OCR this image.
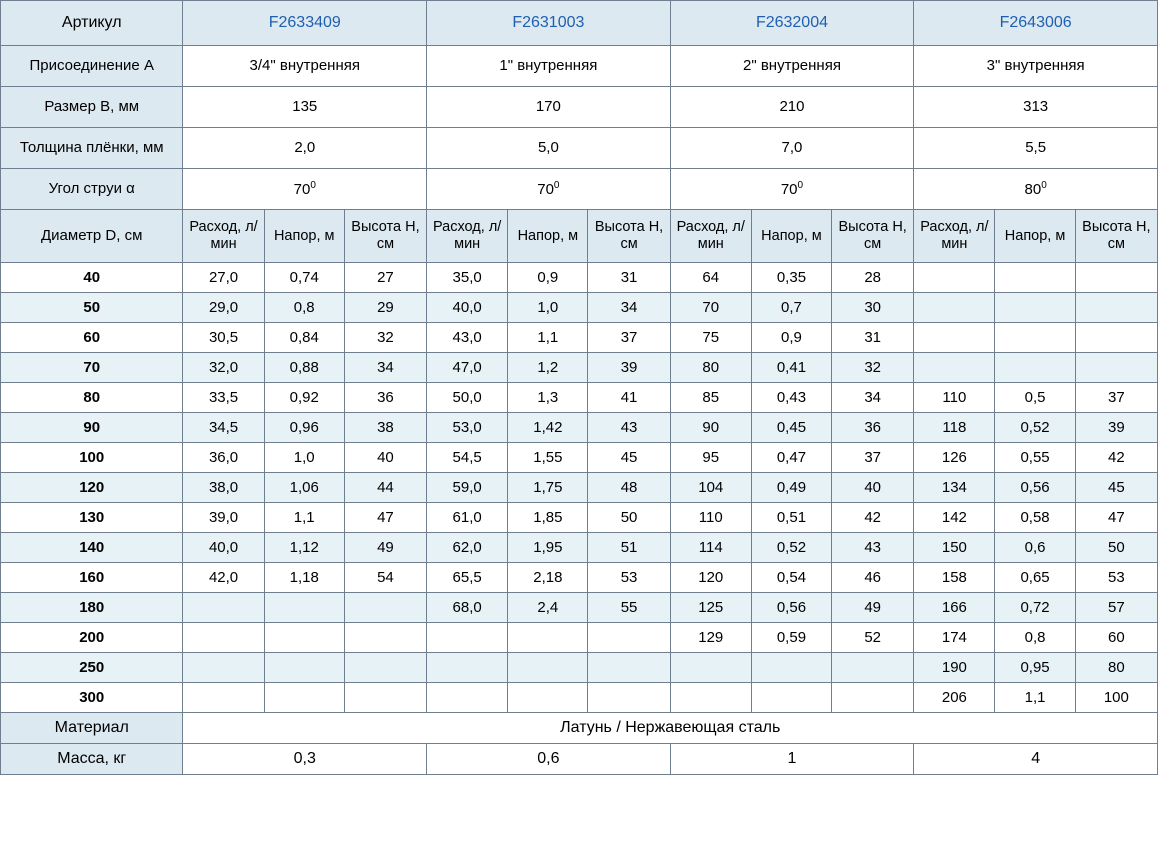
Артикул	F2633409			F2631003			F2632004			F2643006		
Присоединение А	3/4" внутренняя			1" внутренняя			2" внутренняя			3" внутренняя		
Размер B, мм	135			170			210			313		
Толщина плёнки, мм	2,0			5,0			7,0			5,5		
Угол струи α	$70^0$			$70^0$			$70^0$			$80^0$
Диаметр D, см	Расход, л/мин	Напор, м	Высота H, см	Расход, л/мин	Напор, м	Высота H, см	Расход, л/мин	Напор, м	Высота H, см	Расход, л/мин	Напор, м	Высота H, см
40	27,0	0,74	27	35,0	0,9	31	64	0,35	28			
50	29,0	0,8	29	40,0	1,0	34	70	0,7	30			
60	30,5	0,84	32	43,0	1,1	37	75	0,9	31			
70	32,0	0,88	34	47,0	1,2	39	80	0,41	32			
80	33,5	0,92	36	50,0	1,3	41	85	0,43	34	110	0,5	37
90	34,5	0,96	38	53,0	1,42	43	90	0,45	36	118	0,52	39
100	36,0	1,0	40	54,5	1,55	45	95	0,47	37	126	0,55	42
120	38,0	1,06	44	59,0	1,75	48	104	0,49	40	134	0,56	45
130	39,0	1,1	47	61,0	1,85	50	110	0,51	42	142	0,58	47
140	40,0	1,12	49	62,0	1,95	51	114	0,52	43	150	0,6	50
160	42,0	1,18	54	65,5	2,18	53	120	0,54	46	158	0,65	53
180				68,0	2,4	55	125	0,56	49	166	0,72	57
200							129	0,59	52	174	0,8	60
250										190	0,95	80
300										206	1,1	100
Материал	Латунь / Нержавеющая сталь											
Масса, кг	0,3			0,6			1			4		
